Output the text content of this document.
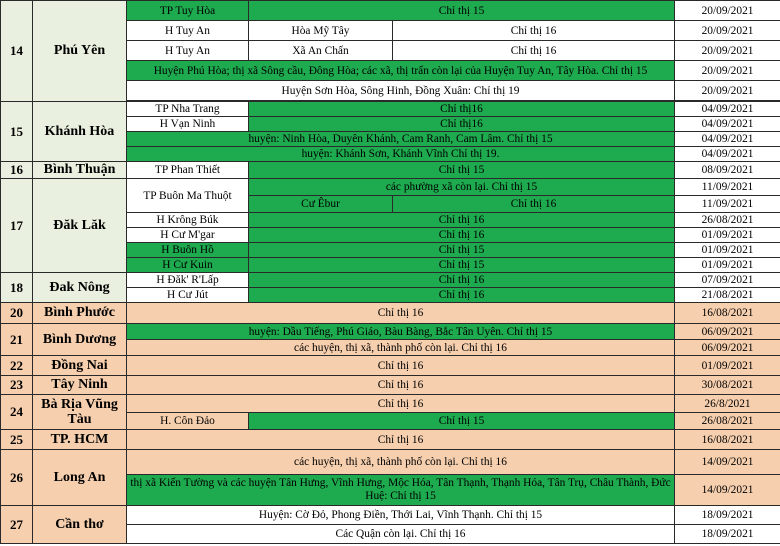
14	Phú Yên	TP Tuy Hòa	Chỉ thị 15		20/09/2021
		H Tuy An	Hòa Mỹ Tây	Chỉ thị 16	20/09/2021
		H Tuy An	Xã An Chấn	Chỉ thị 16	20/09/2021
		Huyện Phú Hòa; thị xã Sông cầu, Đông Hòa; các xã, thị trấn còn lại của Huyện Tuy An, Tây Hòa. Chỉ thị 15			20/09/2021
		Huyện Sơn Hòa, Sông Hinh, Đồng Xuân: Chỉ thị 19			20/09/2021

15	Khánh Hòa	TP Nha Trang	Chỉ thị16		04/09/2021
		H Vạn Ninh	Chỉ thị16		04/09/2021
		huyện: Ninh Hòa, Duyên Khánh, Cam Ranh, Cam Lâm. Chỉ thị 15			04/09/2021
		huyện: Khánh Sơn, Khánh Vĩnh Chỉ thị 19.			04/09/2021
16	Bình Thuận	TP Phan Thiết	Chỉ thị 15		08/09/2021
17	Đăk Lăk	TP Buôn Ma Thuột	các phường xã còn lại. Chỉ thị 15		11/09/2021
			Cư Êbur	Chỉ thị 16	11/09/2021
		H Krông Búk	Chỉ thị 16		26/08/2021
		H Cư M'gar	Chỉ thị 16		01/09/2021
		H Buôn Hồ	Chỉ thị 15		01/09/2021
		H Cư Kuin	Chỉ thị 15		01/09/2021
18	Đak Nông	H Đăk' R'Lấp	Chỉ thị 16		07/09/2021
		H Cư Jút	Chỉ thị 16		21/08/2021
20	Bình Phước	Chỉ thị 16			16/08/2021
21	Bình Dương	huyện: Dầu Tiếng, Phú Giáo, Bàu Bàng, Bắc Tân Uyên. Chỉ thị 15			06/09/2021
		các huyện, thị xã, thành phố còn lại. Chỉ thị 16			06/09/2021
22	Đồng Nai	Chỉ thị 16			01/09/2021
23	Tây Ninh	Chỉ thị 16			30/08/2021
24	Bà Rịa Vũng Tàu	Chỉ thị 16			26/8/2021
		H. Côn Đảo	Chỉ thị 15		26/08/2021
25	TP. HCM	Chỉ thị 16			16/08/2021
26	Long An	các huyện, thị xã, thành phố còn lại. Chỉ thị 16			14/09/2021
		thị xã Kiến Tường và các huyện Tân Hưng, Vĩnh Hưng, Mộc Hóa, Tân Thạnh, Thạnh Hóa, Tân Trụ, Châu Thành, Đức Huệ: Chỉ thị 15			14/09/2021
27	Cần thơ	Huyện: Cờ Đỏ, Phong Điền, Thới Lai, Vĩnh Thạnh. Chỉ thị 15			18/09/2021
		Các Quận còn lại. Chỉ thị 16			18/09/2021
